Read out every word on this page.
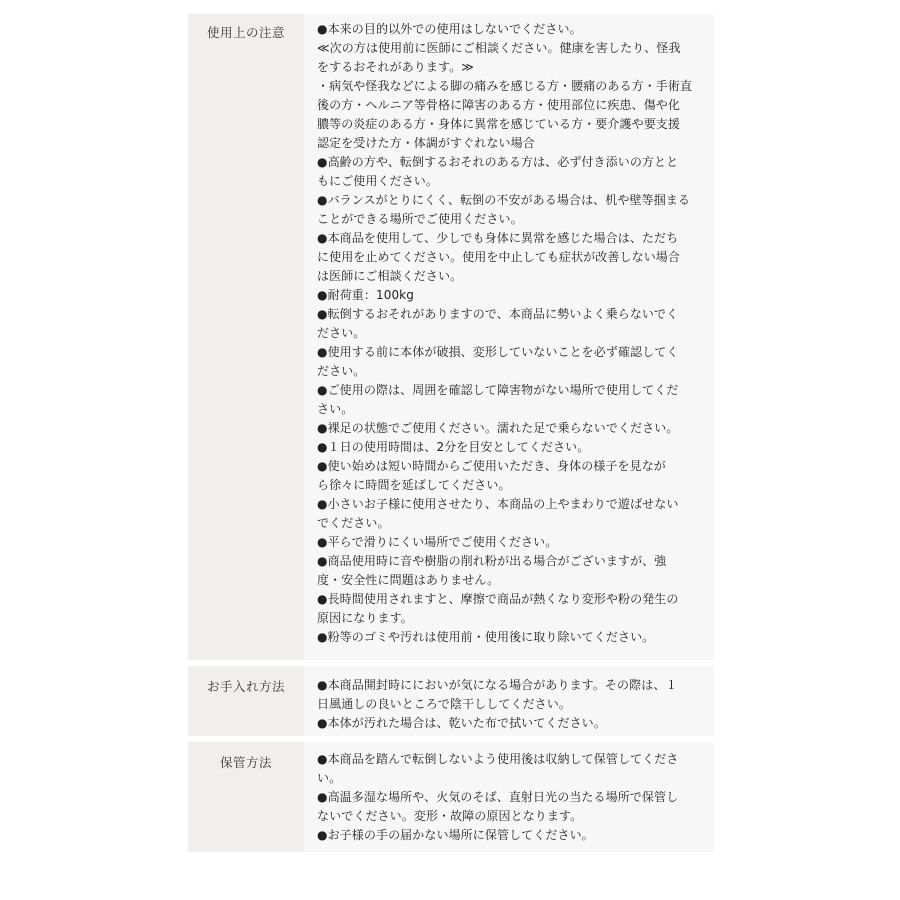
使用上の注意	●本来の目的以外での使用はしないでください。
≪次の方は使用前に医師にご相談ください。健康を害したり、怪我
をするおそれがあります。≫
・病気や怪我などによる脚の痛みを感じる方・腰痛のある方・手術直
後の方・ヘルニア等骨格に障害のある方・使用部位に疾患、傷や化
膿等の炎症のある方・身体に異常を感じている方・要介護や要支援
認定を受けた方・体調がすぐれない場合
●高齢の方や、転倒するおそれのある方は、必ず付き添いの方とと
もにご使用ください。
●バランスがとりにくく、転倒の不安がある場合は、机や壁等掴まる
ことができる場所でご使用ください。
●本商品を使用して、少しでも身体に異常を感じた場合は、ただち
に使用を止めてください。使用を中止しても症状が改善しない場合
は医師にご相談ください。
●耐荷重：100kg
●転倒するおそれがありますので、本商品に勢いよく乗らないでく
ださい。
●使用する前に本体が破損、変形していないことを必ず確認してく
ださい。
●ご使用の際は、周囲を確認して障害物がない場所で使用してくだ
さい。
●裸足の状態でご使用ください。濡れた足で乗らないでください。
●１日の使用時間は、2分を目安としてください。
●使い始めは短い時間からご使用いただき、身体の様子を見なが
ら徐々に時間を延ばしてください。
●小さいお子様に使用させたり、本商品の上やまわりで遊ばせない
でください。
●平らで滑りにくい場所でご使用ください。
●商品使用時に音や樹脂の削れ粉が出る場合がございますが、強
度・安全性に問題はありません。
●長時間使用されますと、摩擦で商品が熱くなり変形や粉の発生の
原因になります。
●粉等のゴミや汚れは使用前・使用後に取り除いてください。
お手入れ方法	●本商品開封時ににおいが気になる場合があります。その際は、１
日風通しの良いところで陰干ししてください。
●本体が汚れた場合は、乾いた布で拭いてください。
保管方法	●本商品を踏んで転倒しないよう使用後は収納して保管してくださ
い。
●高温多湿な場所や、火気のそば、直射日光の当たる場所で保管し
ないでください。変形・故障の原因となります。
●お子様の手の届かない場所に保管してください。
